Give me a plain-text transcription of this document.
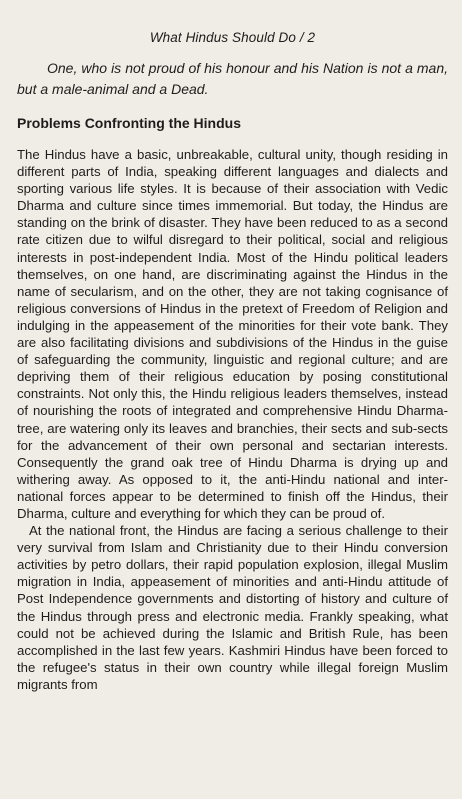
What Hindus Should Do / 2

One, who is not proud of his honour and his Nation is not a man, but a male-animal and a Dead.

Problems Confronting the Hindus

The Hindus have a basic, unbreakable, cultural unity, though residing in different parts of India, speaking different languages and dialects and sporting various life styles. It is because of their association with Vedic Dharma and culture since times immemorial. But today, the Hindus are standing on the brink of disaster. They have been reduced to as a second rate citizen due to wilful disregard to their political, social and religious interests in post-independent India. Most of the Hindu political leaders themselves, on one hand, are discriminating against the Hindus in the name of secularism, and on the other, they are not taking cognisance of religious conversions of Hindus in the pretext of Freedom of Religion and indulging in the appeasement of the minorities for their vote bank. They are also facilitating divisions and subdivisions of the Hindus in the guise of safeguarding the community, linguistic and regional culture; and are depriving them of their religious education by posing constitutional constraints. Not only this, the Hindu religious leaders themselves, instead of nourishing the roots of integrated and comprehensive Hindu Dharma-tree, are watering only its leaves and branchies, their sects and sub-sects for the advancement of their own personal and sectarian interests. Consequently the grand oak tree of Hindu Dharma is drying up and withering away. As opposed to it, the anti-Hindu national and inter-national forces appear to be determined to finish off the Hindus, their Dharma, culture and everything for which they can be proud of.

At the national front, the Hindus are facing a serious challenge to their very survival from Islam and Christianity due to their Hindu conversion activities by petro dollars, their rapid population explosion, illegal Muslim migration in India, appeasement of minorities and anti-Hindu attitude of Post Independence governments and distorting of history and culture of the Hindus through press and electronic media. Frankly speaking, what could not be achieved during the Islamic and British Rule, has been accomplished in the last few years. Kashmiri Hindus have been forced to the refugee's status in their own country while illegal foreign Muslim migrants from
